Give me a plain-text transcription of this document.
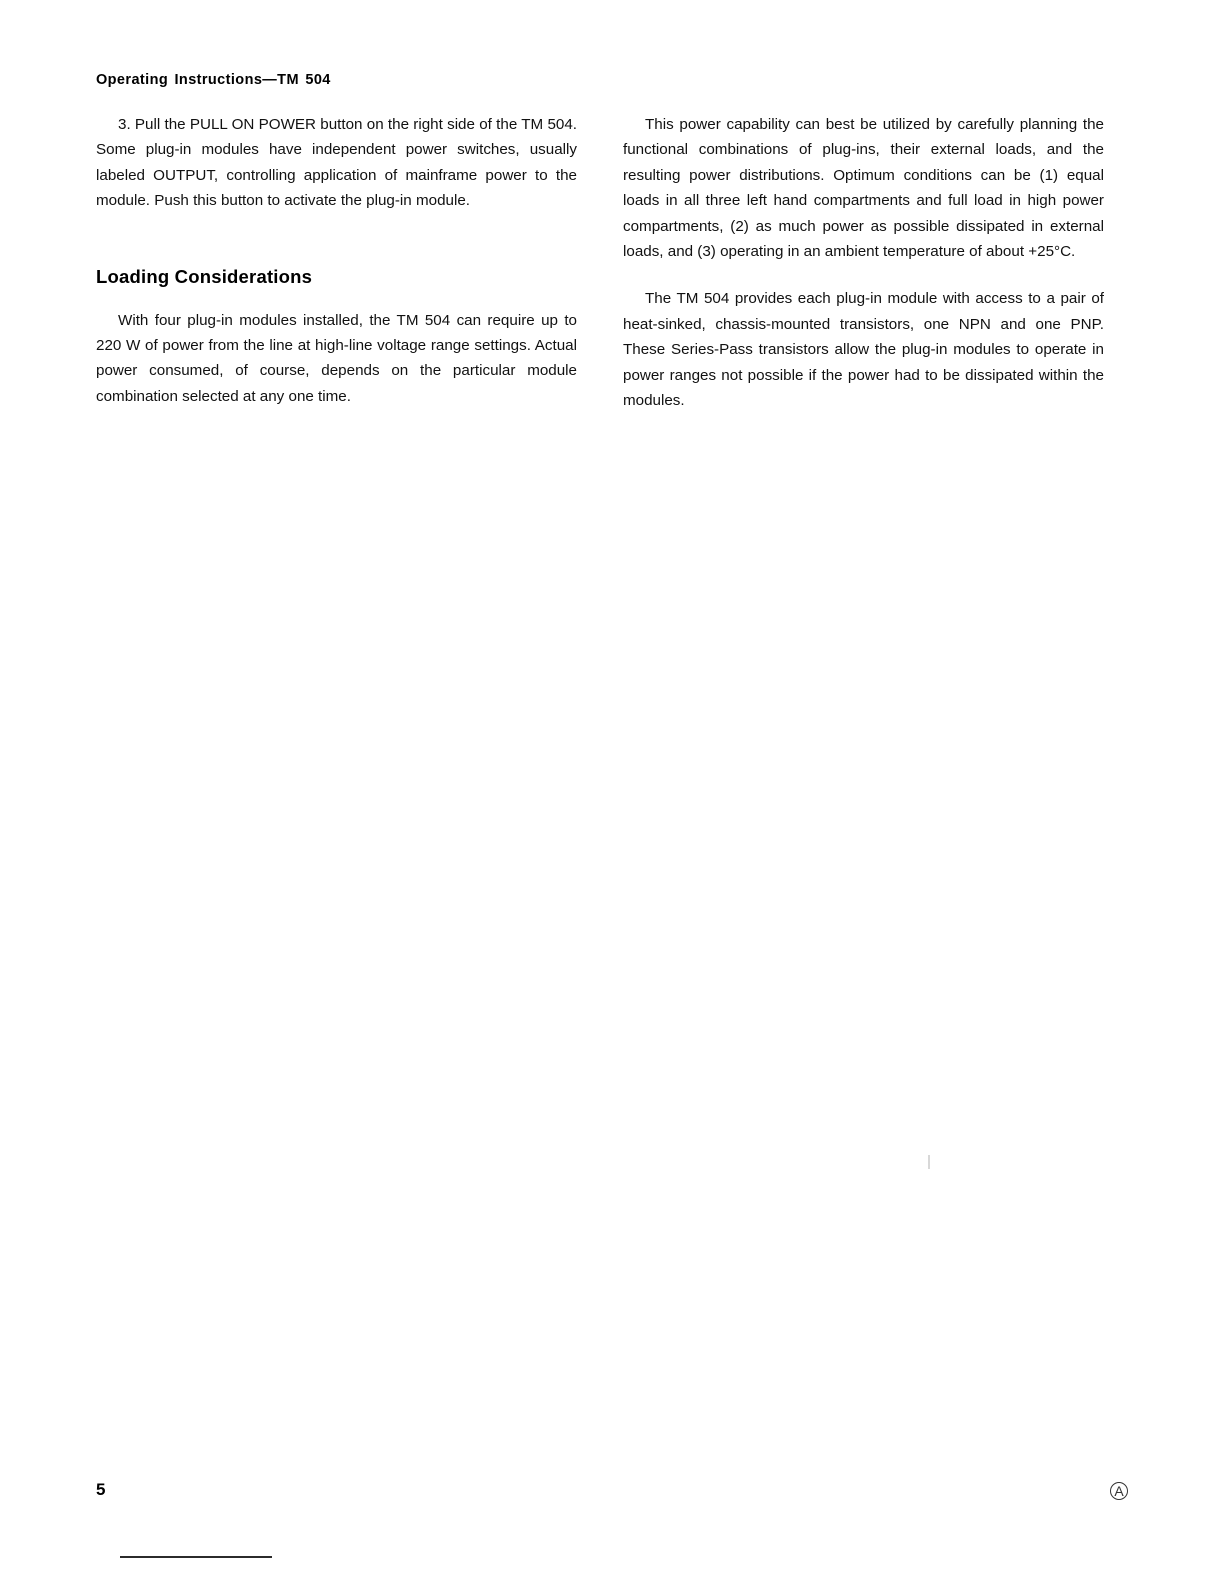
Operating Instructions—TM 504

3. Pull the PULL ON POWER button on the right side of the TM 504. Some plug-in modules have independent power switches, usually labeled OUTPUT, controlling application of mainframe power to the module. Push this button to activate the plug-in module.

Loading Considerations

With four plug-in modules installed, the TM 504 can require up to 220 W of power from the line at high-line voltage range settings. Actual power consumed, of course, depends on the particular module combination selected at any one time.

This power capability can best be utilized by carefully planning the functional combinations of plug-ins, their external loads, and the resulting power distributions. Optimum conditions can be (1) equal loads in all three left hand compartments and full load in high power compartments, (2) as much power as possible dissipated in external loads, and (3) operating in an ambient temperature of about +25°C.

The TM 504 provides each plug-in module with access to a pair of heat-sinked, chassis-mounted transistors, one NPN and one PNP. These Series-Pass transistors allow the plug-in modules to operate in power ranges not possible if the power had to be dissipated within the modules.

5	A
